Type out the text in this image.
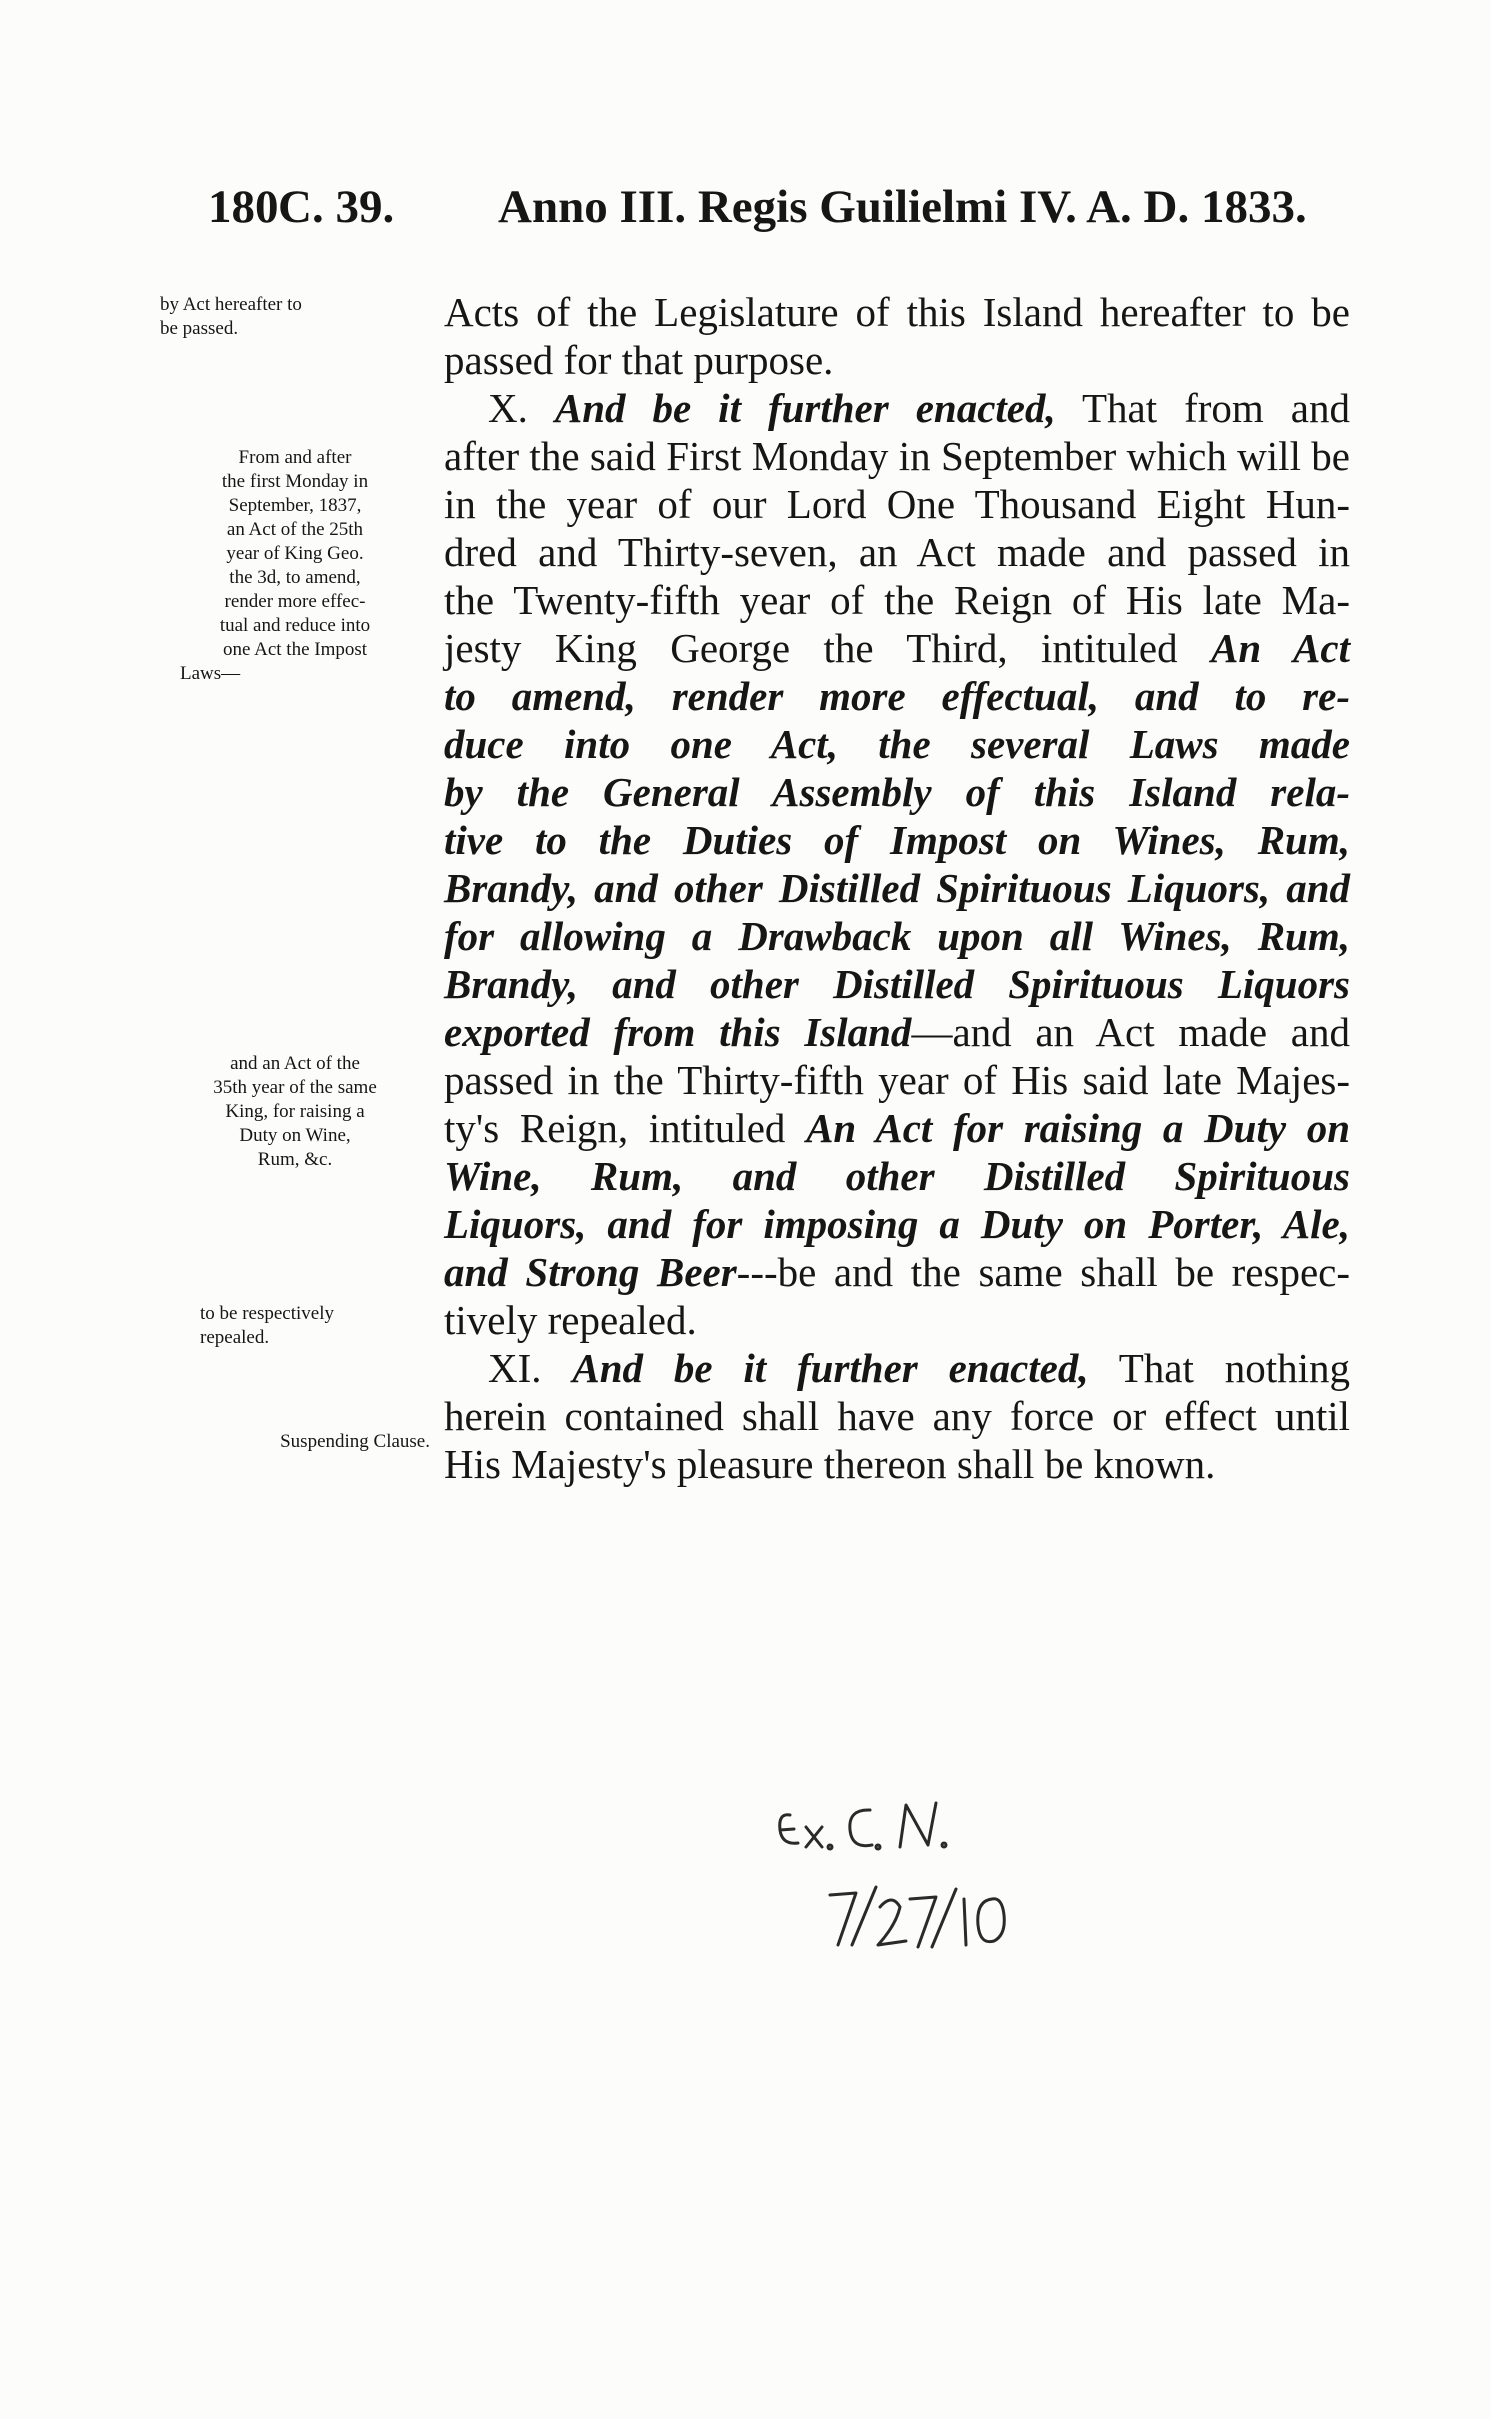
180 C. 39. Anno III. Regis Guilielmi IV. A. D. 1833.
by Act hereafter to
be passed.
From and after
the first Monday in
September, 1837,
an Act of the 25th
year of King Geo.
the 3d, to amend,
render more effec-
tual and reduce into
one Act the Impost
Laws—
and an Act of the
35th year of the same
King, for raising a
Duty on Wine,
Rum, &c.
to be respectively
repealed.
Suspending Clause.
Acts of the Legislature of this Island hereafter to be
passed for that purpose.
X. And be it further enacted, That from and
after the said First Monday in September which will be
in the year of our Lord One Thousand Eight Hun-
dred and Thirty-seven, an Act made and passed in
the Twenty-fifth year of the Reign of His late Ma-
jesty King George the Third, intituled An Act
to amend, render more effectual, and to re-
duce into one Act, the several Laws made
by the General Assembly of this Island rela-
tive to the Duties of Impost on Wines, Rum,
Brandy, and other Distilled Spirituous Liquors, and
for allowing a Drawback upon all Wines, Rum,
Brandy, and other Distilled Spirituous Liquors
exported from this Island—and an Act made and
passed in the Thirty-fifth year of His said late Majes-
ty's Reign, intituled An Act for raising a Duty on
Wine, Rum, and other Distilled Spirituous
Liquors, and for imposing a Duty on Porter, Ale,
and Strong Beer---be and the same shall be respec-
tively repealed.
XI. And be it further enacted, That nothing
herein contained shall have any force or effect until
His Majesty's pleasure thereon shall be known.
